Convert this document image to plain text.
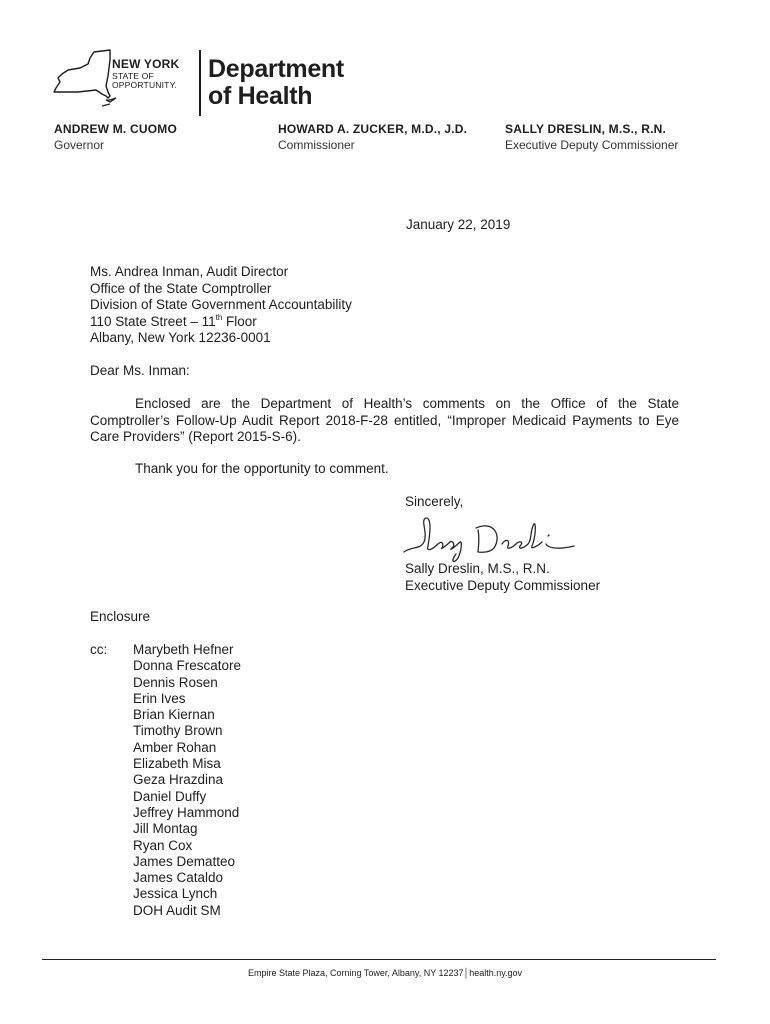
NEW YORK
STATE OF
OPPORTUNITY.
Department
of Health
ANDREW M. CUOMO
Governor
HOWARD A. ZUCKER, M.D., J.D.
Commissioner
SALLY DRESLIN, M.S., R.N.
Executive Deputy Commissioner
January 22, 2019
Ms. Andrea Inman, Audit Director
Office of the State Comptroller
Division of State Government Accountability
110 State Street – 11th Floor
Albany, New York 12236-0001
Dear Ms. Inman:
Enclosed are the Department of Health’s comments on the Office of the State Comptroller’s Follow-Up Audit Report 2018-F-28 entitled, “Improper Medicaid Payments to Eye Care Providers” (Report 2015-S-6).
Thank you for the opportunity to comment.
Sincerely,
Sally Dreslin, M.S., R.N.
Executive Deputy Commissioner
Enclosure
cc: Marybeth Hefner
Donna Frescatore
Dennis Rosen
Erin Ives
Brian Kiernan
Timothy Brown
Amber Rohan
Elizabeth Misa
Geza Hrazdina
Daniel Duffy
Jeffrey Hammond
Jill Montag
Ryan Cox
James Dematteo
James Cataldo
Jessica Lynch
DOH Audit SM
Empire State Plaza, Corning Tower, Albany, NY 12237│health.ny.gov
